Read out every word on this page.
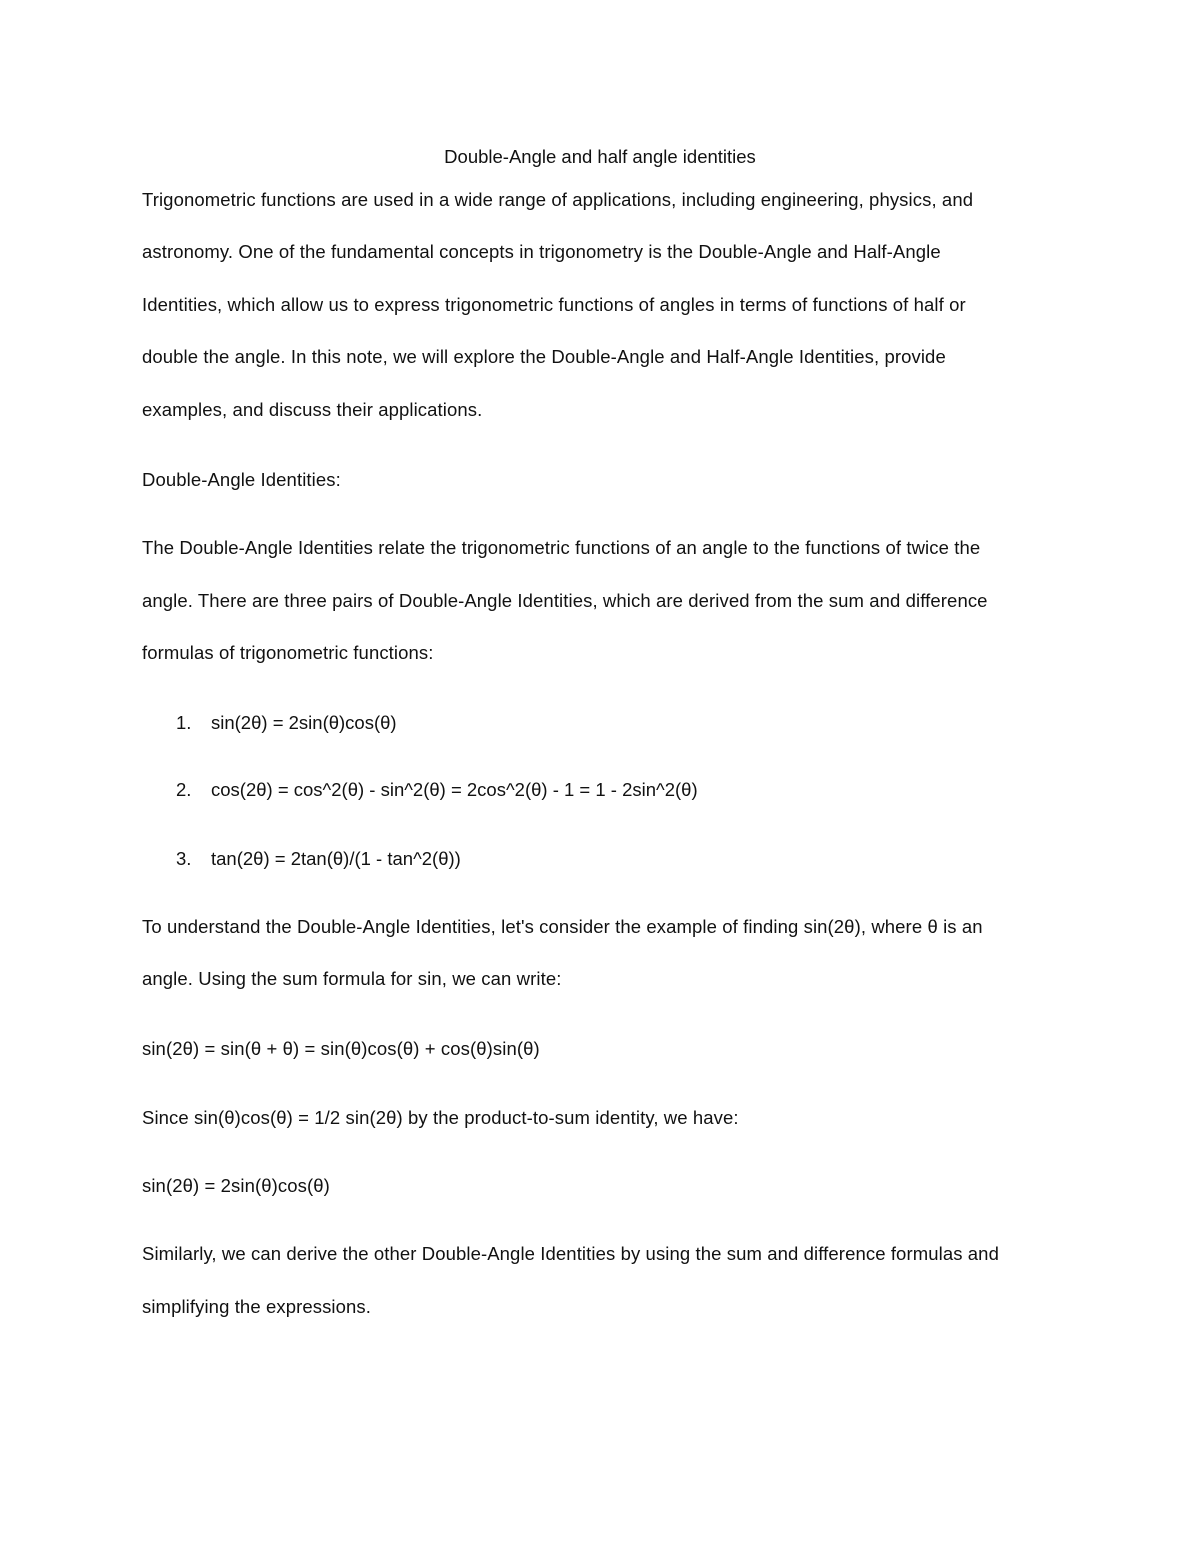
Double-Angle and half angle identities
Trigonometric functions are used in a wide range of applications, including engineering, physics, and
astronomy. One of the fundamental concepts in trigonometry is the Double-Angle and Half-Angle
Identities, which allow us to express trigonometric functions of angles in terms of functions of half or
double the angle. In this note, we will explore the Double-Angle and Half-Angle Identities, provide
examples, and discuss their applications.
Double-Angle Identities:
The Double-Angle Identities relate the trigonometric functions of an angle to the functions of twice the
angle. There are three pairs of Double-Angle Identities, which are derived from the sum and difference
formulas of trigonometric functions:
1. sin(2θ) = 2sin(θ)cos(θ)
2. cos(2θ) = cos^2(θ) - sin^2(θ) = 2cos^2(θ) - 1 = 1 - 2sin^2(θ)
3. tan(2θ) = 2tan(θ)/(1 - tan^2(θ))
To understand the Double-Angle Identities, let's consider the example of finding sin(2θ), where θ is an
angle. Using the sum formula for sin, we can write:
sin(2θ) = sin(θ + θ) = sin(θ)cos(θ) + cos(θ)sin(θ)
Since sin(θ)cos(θ) = 1/2 sin(2θ) by the product-to-sum identity, we have:
sin(2θ) = 2sin(θ)cos(θ)
Similarly, we can derive the other Double-Angle Identities by using the sum and difference formulas and
simplifying the expressions.
